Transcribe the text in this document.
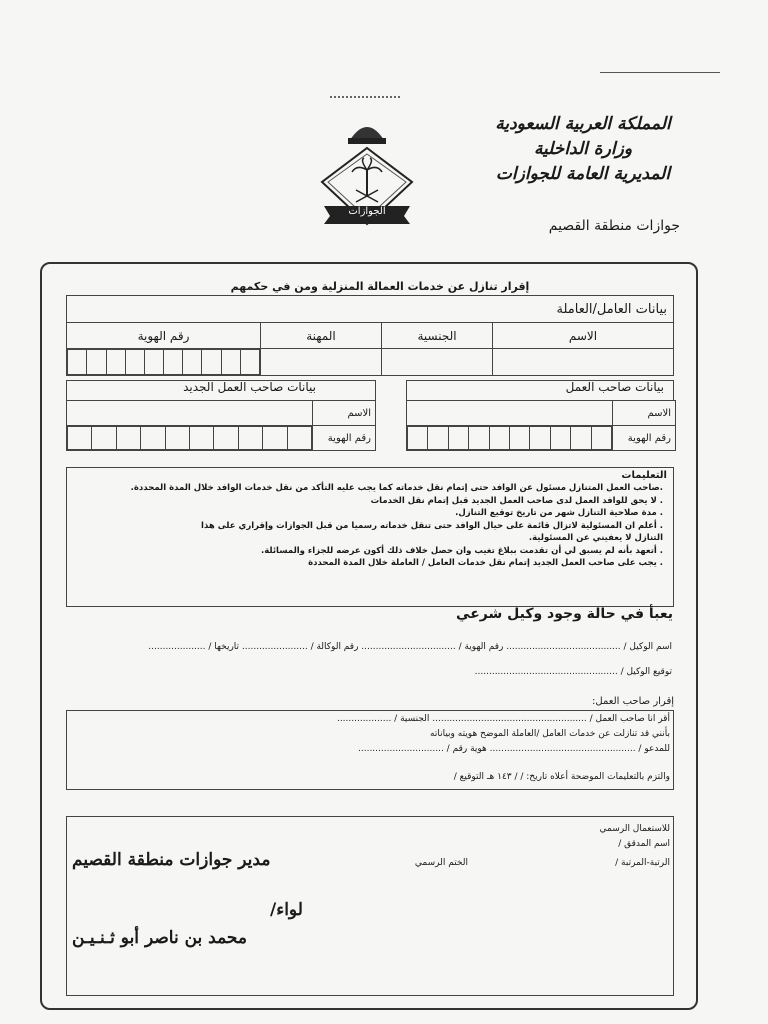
المملكة العربية السعودية
وزارة الداخلية
المديرية العامة للجوازات
جوازات منطقة القصيم
الجوازات
إقرار تنازل عن خدمات العمالة المنزلية ومن في حكمهم
بيانات العامل/العاملة
الاسم	الجنسية	المهنة	رقم الهوية

بيانات صاحب العمل
الاسم	
رقم الهوية	

بيانات صاحب العمل الجديد
الاسم	
رقم الهوية	

التعليمات
.صاحب العمل المتنازل مسئول عن الوافد حتى إتمام نقل خدماته كما يجب عليه التأكد من نقل خدمات الوافد خلال المدة المحددة.
. لا يحق للوافد العمل لدى صاحب العمل الجديد قبل إتمام نقل الخدمات
. مدة صلاحية التنازل شهر من تاريخ توقيع التنازل.
. أعلم ان المسئولية لاتزال قائمة على حيال الوافد حتى تنقل خدماته رسميا من قبل الجوازات وإقراري على هذا
التنازل لا يعفيني عن المسئولية.
. أتعهد بأنه لم يسبق لي أن تقدمت ببلاغ تغيب وان حصل خلاف ذلك أكون عرضه للجزاء والمسائلة.
. يجب على صاحب العمل الجديد إتمام نقل خدمات العامل / العاملة خلال المدة المحددة
يعبأ في حالة وجود وكيل شرعي
اسم الوكيل / ........................................ رقم الهوية / ................................. رقم الوكالة / ....................... تاريخها / ....................
توقيع الوكيل / ..................................................
إقرار صاحب العمل:
أقر انا صاحب العمل / ...................................................... الجنسية / ...................
بأنني قد تنازلت عن خدمات العامل /العاملة الموضح هويته وبياناته
للمدعو / ................................................... هوية رقم / ..............................
والتزم بالتعليمات الموضحة أعلاه تاريخ: / / ١٤٣ هـ التوقيع /
للاستعمال الرسمي
اسم المدقق /
الرتبة-المرتبة /
الختم الرسمي
مدير جوازات منطقة القصيم
لواء/
محمد بن ناصر أبو ثـنـيـن
